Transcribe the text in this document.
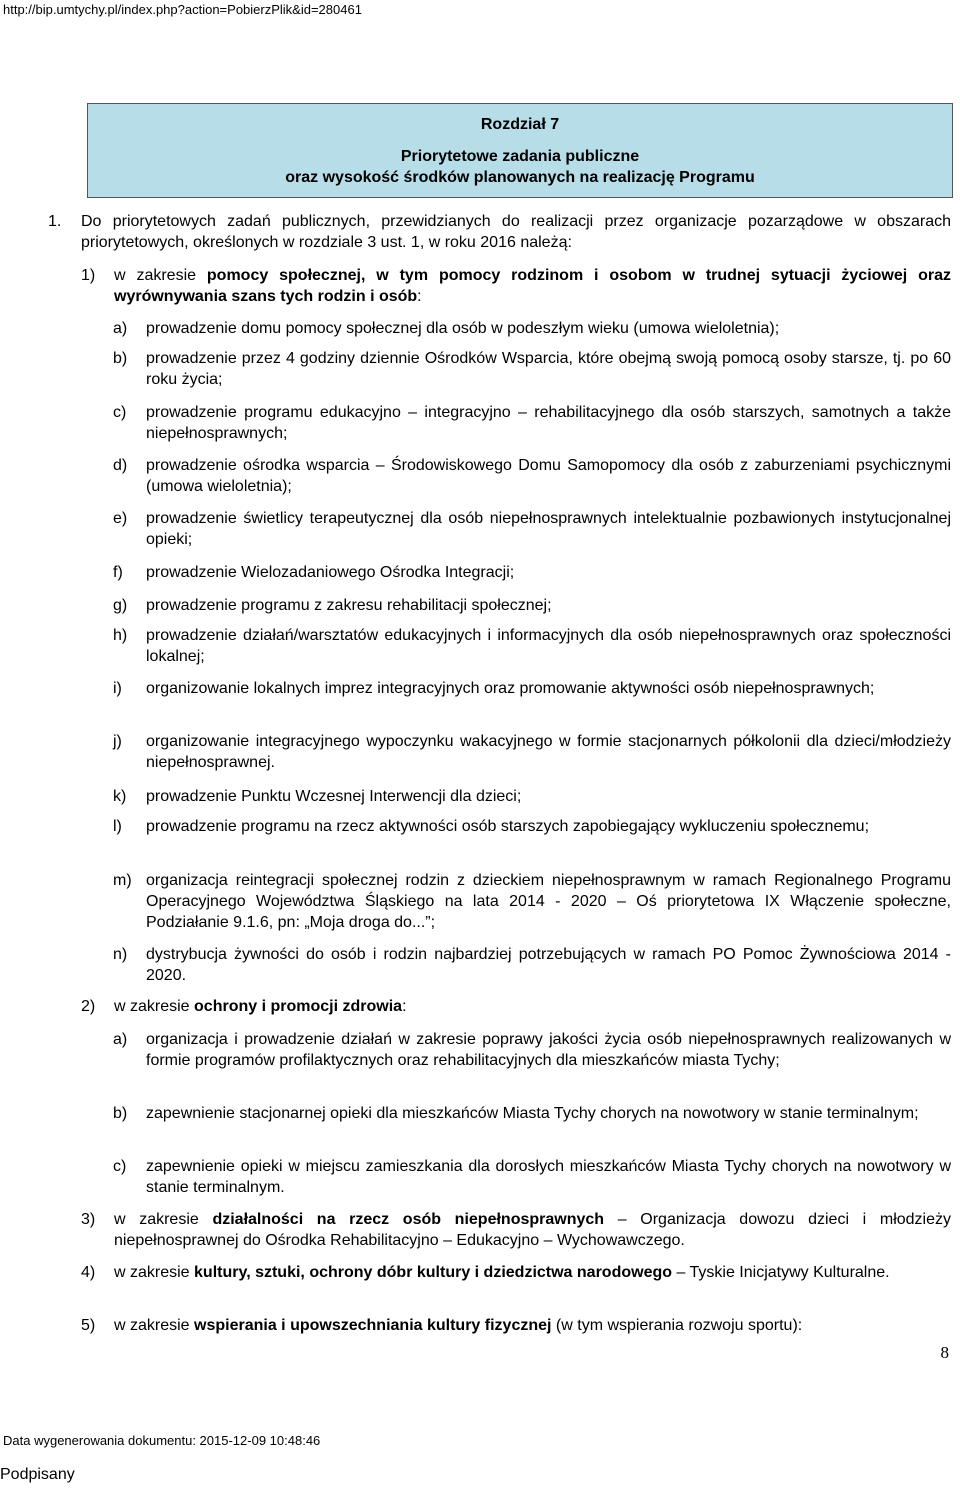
http://bip.umtychy.pl/index.php?action=PobierzPlik&id=280461
Rozdział 7
Priorytetowe zadania publiczne
oraz wysokość środków planowanych na realizację Programu
1. Do priorytetowych zadań publicznych, przewidzianych do realizacji przez organizacje pozarządowe w obszarach priorytetowych, określonych w rozdziale 3 ust. 1, w roku 2016 należą:
1) w zakresie pomocy społecznej, w tym pomocy rodzinom i osobom w trudnej sytuacji życiowej oraz wyrównywania szans tych rodzin i osób:
a) prowadzenie domu pomocy społecznej dla osób w podeszłym wieku (umowa wieloletnia);
b) prowadzenie przez 4 godziny dziennie Ośrodków Wsparcia, które obejmą swoją pomocą osoby starsze, tj. po 60 roku życia;
c) prowadzenie programu edukacyjno – integracyjno – rehabilitacyjnego dla osób starszych, samotnych a także niepełnosprawnych;
d) prowadzenie ośrodka wsparcia – Środowiskowego Domu Samopomocy dla osób z zaburzeniami psychicznymi (umowa wieloletnia);
e) prowadzenie świetlicy terapeutycznej dla osób niepełnosprawnych intelektualnie pozbawionych instytucjonalnej opieki;
f) prowadzenie Wielozadaniowego Ośrodka Integracji;
g) prowadzenie programu z zakresu rehabilitacji społecznej;
h) prowadzenie działań/warsztatów edukacyjnych i informacyjnych dla osób niepełnosprawnych oraz społeczności lokalnej;
i) organizowanie lokalnych imprez integracyjnych oraz promowanie aktywności osób niepełnosprawnych;
j) organizowanie integracyjnego wypoczynku wakacyjnego w formie stacjonarnych półkolonii dla dzieci/młodzieży niepełnosprawnej.
k) prowadzenie Punktu Wczesnej Interwencji dla dzieci;
l) prowadzenie programu na rzecz aktywności osób starszych zapobiegający wykluczeniu społecznemu;
m) organizacja reintegracji społecznej rodzin z dzieckiem niepełnosprawnym w ramach Regionalnego Programu Operacyjnego Województwa Śląskiego na lata 2014 - 2020 – Oś priorytetowa IX Włączenie społeczne, Podziałanie 9.1.6, pn: „Moja droga do...”;
n) dystrybucja żywności do osób i rodzin najbardziej potrzebujących w ramach PO Pomoc Żywnościowa 2014 - 2020.
2) w zakresie ochrony i promocji zdrowia:
a) organizacja i prowadzenie działań w zakresie poprawy jakości życia osób niepełnosprawnych realizowanych w formie programów profilaktycznych oraz rehabilitacyjnych dla mieszkańców miasta Tychy;
b) zapewnienie stacjonarnej opieki dla mieszkańców Miasta Tychy chorych na nowotwory w stanie terminalnym;
c) zapewnienie opieki w miejscu zamieszkania dla dorosłych mieszkańców Miasta Tychy chorych na nowotwory w stanie terminalnym.
3) w zakresie działalności na rzecz osób niepełnosprawnych – Organizacja dowozu dzieci i młodzieży niepełnosprawnej do Ośrodka Rehabilitacyjno – Edukacyjno – Wychowawczego.
4) w zakresie kultury, sztuki, ochrony dóbr kultury i dziedzictwa narodowego – Tyskie Inicjatywy Kulturalne.
5) w zakresie wspierania i upowszechniania kultury fizycznej (w tym wspierania rozwoju sportu):
8
Data wygenerowania dokumentu: 2015-12-09 10:48:46
Podpisany
